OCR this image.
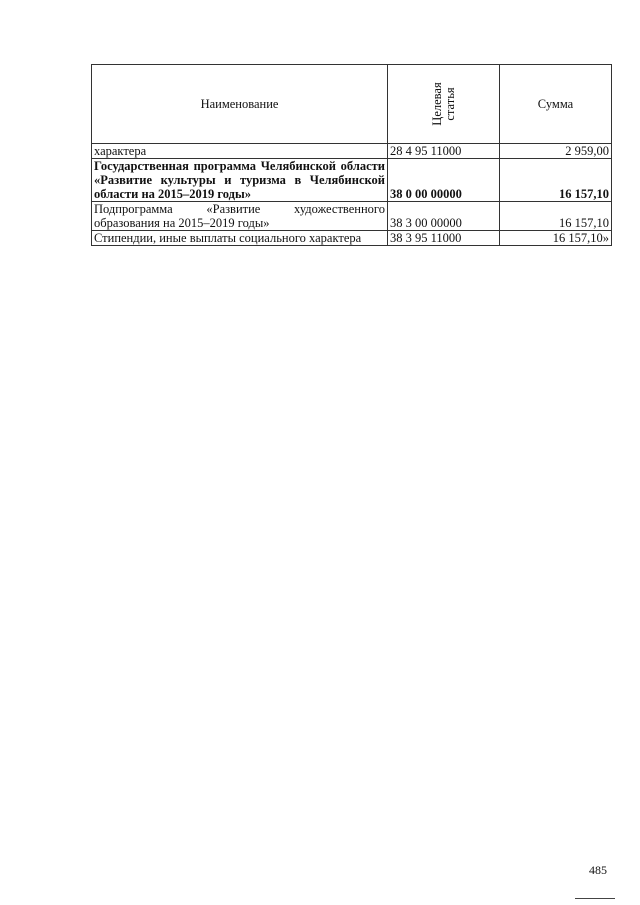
Наименование	Целевая статья	Сумма
характера	28 4 95 11000	2 959,00
Государственная программа Челябинской области «Развитие культуры и туризма в Челябинской области на 2015–2019 годы»	38 0 00 00000	16 157,10
Подпрограмма «Развитие художественного образования на 2015–2019 годы»	38 3 00 00000	16 157,10
Стипендии, иные выплаты социального характера	38 3 95 11000	16 157,10»
485
